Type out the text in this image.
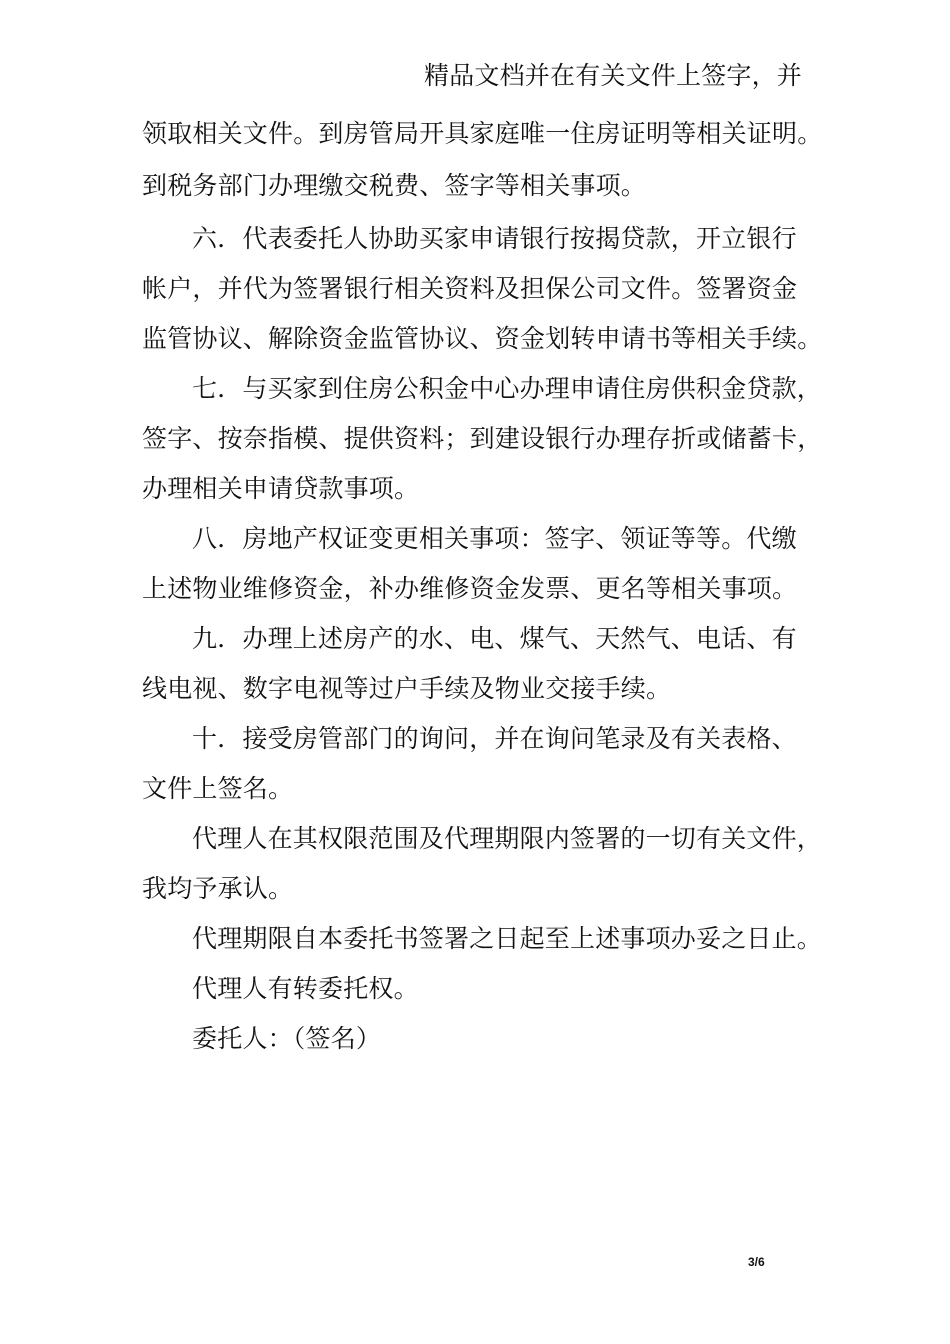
精品文档并在有关文件上签字，并
领取相关文件。到房管局开具家庭唯一住房证明等相关证明。
到税务部门办理缴交税费、签字等相关事项。
六．代表委托人协助买家申请银行按揭贷款，开立银行
帐户，并代为签署银行相关资料及担保公司文件。签署资金
监管协议、解除资金监管协议、资金划转申请书等相关手续。
七．与买家到住房公积金中心办理申请住房供积金贷款，
签字、按奈指模、提供资料；到建设银行办理存折或储蓄卡，
办理相关申请贷款事项。
八．房地产权证变更相关事项：签字、领证等等。代缴
上述物业维修资金，补办维修资金发票、更名等相关事项。
九．办理上述房产的水、电、煤气、天然气、电话、有
线电视、数字电视等过户手续及物业交接手续。
十．接受房管部门的询问，并在询问笔录及有关表格、
文件上签名。
代理人在其权限范围及代理期限内签署的一切有关文件，
我均予承认。
代理期限自本委托书签署之日起至上述事项办妥之日止。
代理人有转委托权。
委托人：（签名）
3/6
